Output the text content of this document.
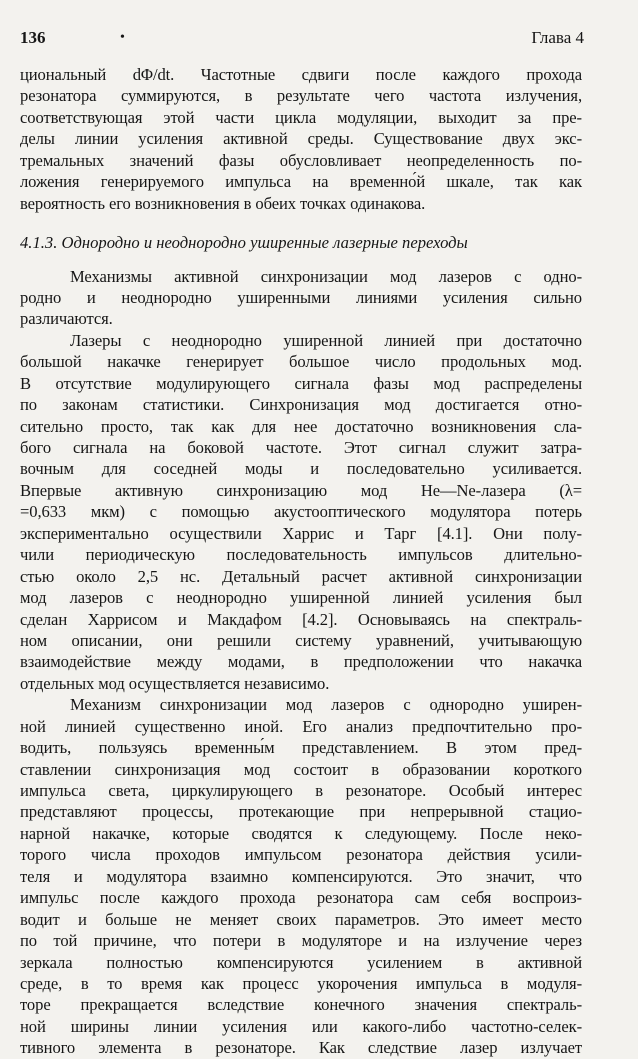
136	•	Глава 4
циональный dΦ/dt. Частотные сдвиги после каждого прохода
резонатора суммируются, в результате чего частота излучения,
соответствующая этой части цикла модуляции, выходит за пре-
делы линии усиления активной среды. Существование двух экс-
тремальных значений фазы обусловливает неопределенность по-
ложения генерируемого импульса на временно́й шкале, так как
вероятность его возникновения в обеих точках одинакова.
4.1.3. Однородно и неоднородно уширенные лазерные переходы
Механизмы активной синхронизации мод лазеров с одно-
родно и неоднородно уширенными линиями усиления сильно
различаются.
Лазеры с неоднородно уширенной линией при достаточно
большой накачке генерирует большое число продольных мод.
В отсутствие модулирующего сигнала фазы мод распределены
по законам статистики. Синхронизация мод достигается отно-
сительно просто, так как для нее достаточно возникновения сла-
бого сигнала на боковой частоте. Этот сигнал служит затра-
вочным для соседней моды и последовательно усиливается.
Впервые активную синхронизацию мод He—Ne-лазера (λ=
=0,633 мкм) с помощью акустооптического модулятора потерь
экспериментально осуществили Харрис и Тарг [4.1]. Они полу-
чили периодическую последовательность импульсов длительно-
стью около 2,5 нс. Детальный расчет активной синхронизации
мод лазеров с неоднородно уширенной линией усиления был
сделан Харрисом и Макдафом [4.2]. Основываясь на спектраль-
ном описании, они решили систему уравнений, учитывающую
взаимодействие между модами, в предположении что накачка
отдельных мод осуществляется независимо.
Механизм синхронизации мод лазеров с однородно уширен-
ной линией существенно иной. Его анализ предпочтительно про-
водить, пользуясь временны́м представлением. В этом пред-
ставлении синхронизация мод состоит в образовании короткого
импульса света, циркулирующего в резонаторе. Особый интерес
представляют процессы, протекающие при непрерывной стацио-
нарной накачке, которые сводятся к следующему. После неко-
торого числа проходов импульсом резонатора действия усили-
теля и модулятора взаимно компенсируются. Это значит, что
импульс после каждого прохода резонатора сам себя воспроиз-
водит и больше не меняет своих параметров. Это имеет место
по той причине, что потери в модуляторе и на излучение через
зеркала полностью компенсируются усилением в активной
среде, в то время как процесс укорочения импульса в модуля-
торе прекращается вследствие конечного значения спектраль-
ной ширины линии усиления или какого-либо частотно-селек-
тивного элемента в резонаторе. Как следствие лазер излучает
